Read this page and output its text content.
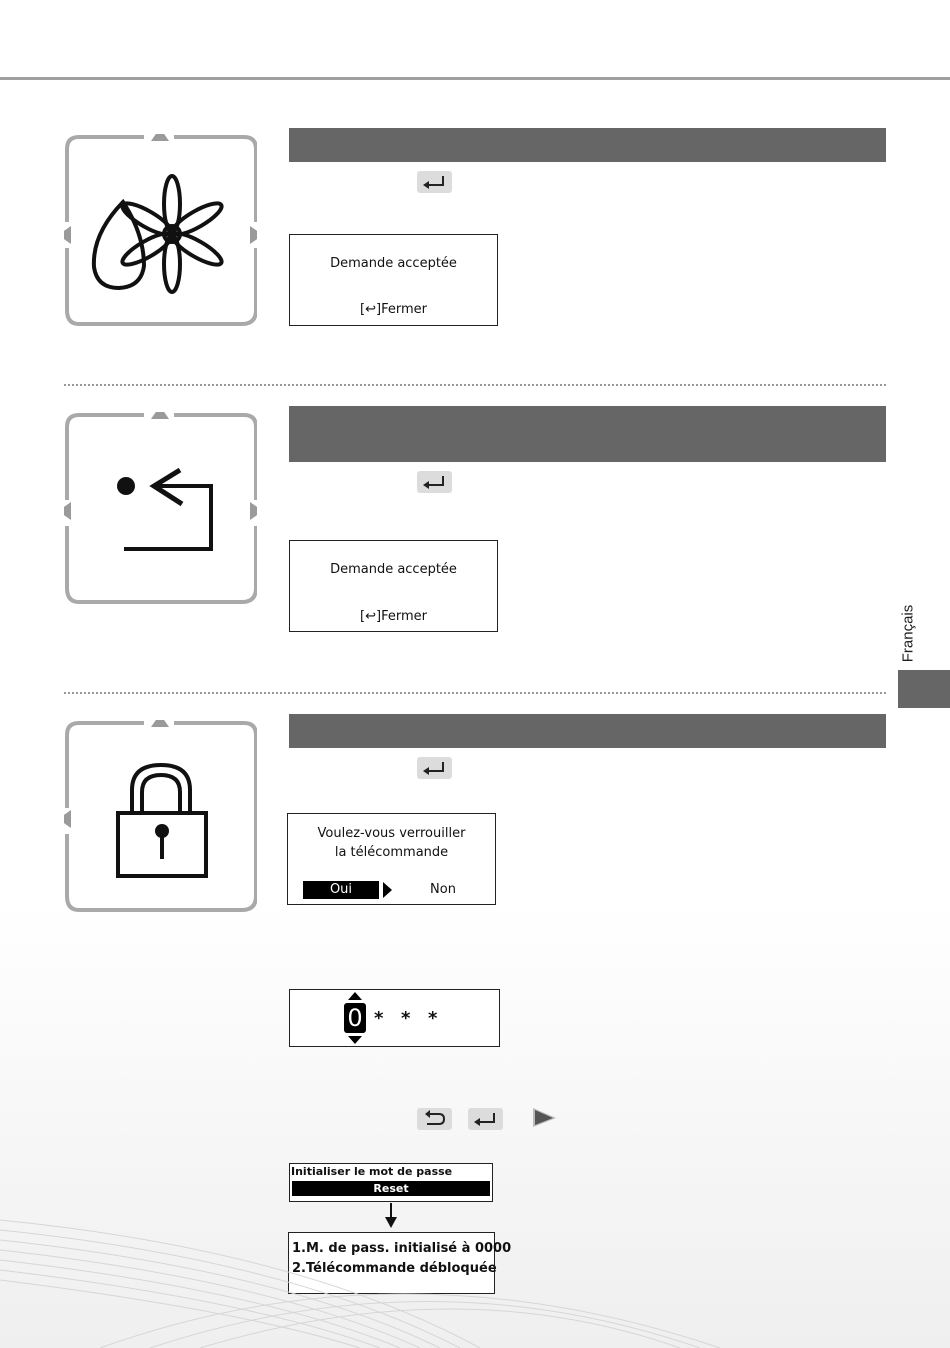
Français
Demande acceptée
[↩]Fermer
Demande acceptée
[↩]Fermer
Voulez-vous verrouiller
la télécommande
Oui	Non
0 * * *
Initialiser le mot de passe
Reset
1.M. de pass. initialisé à 0000
2.Télécommande débloquée
